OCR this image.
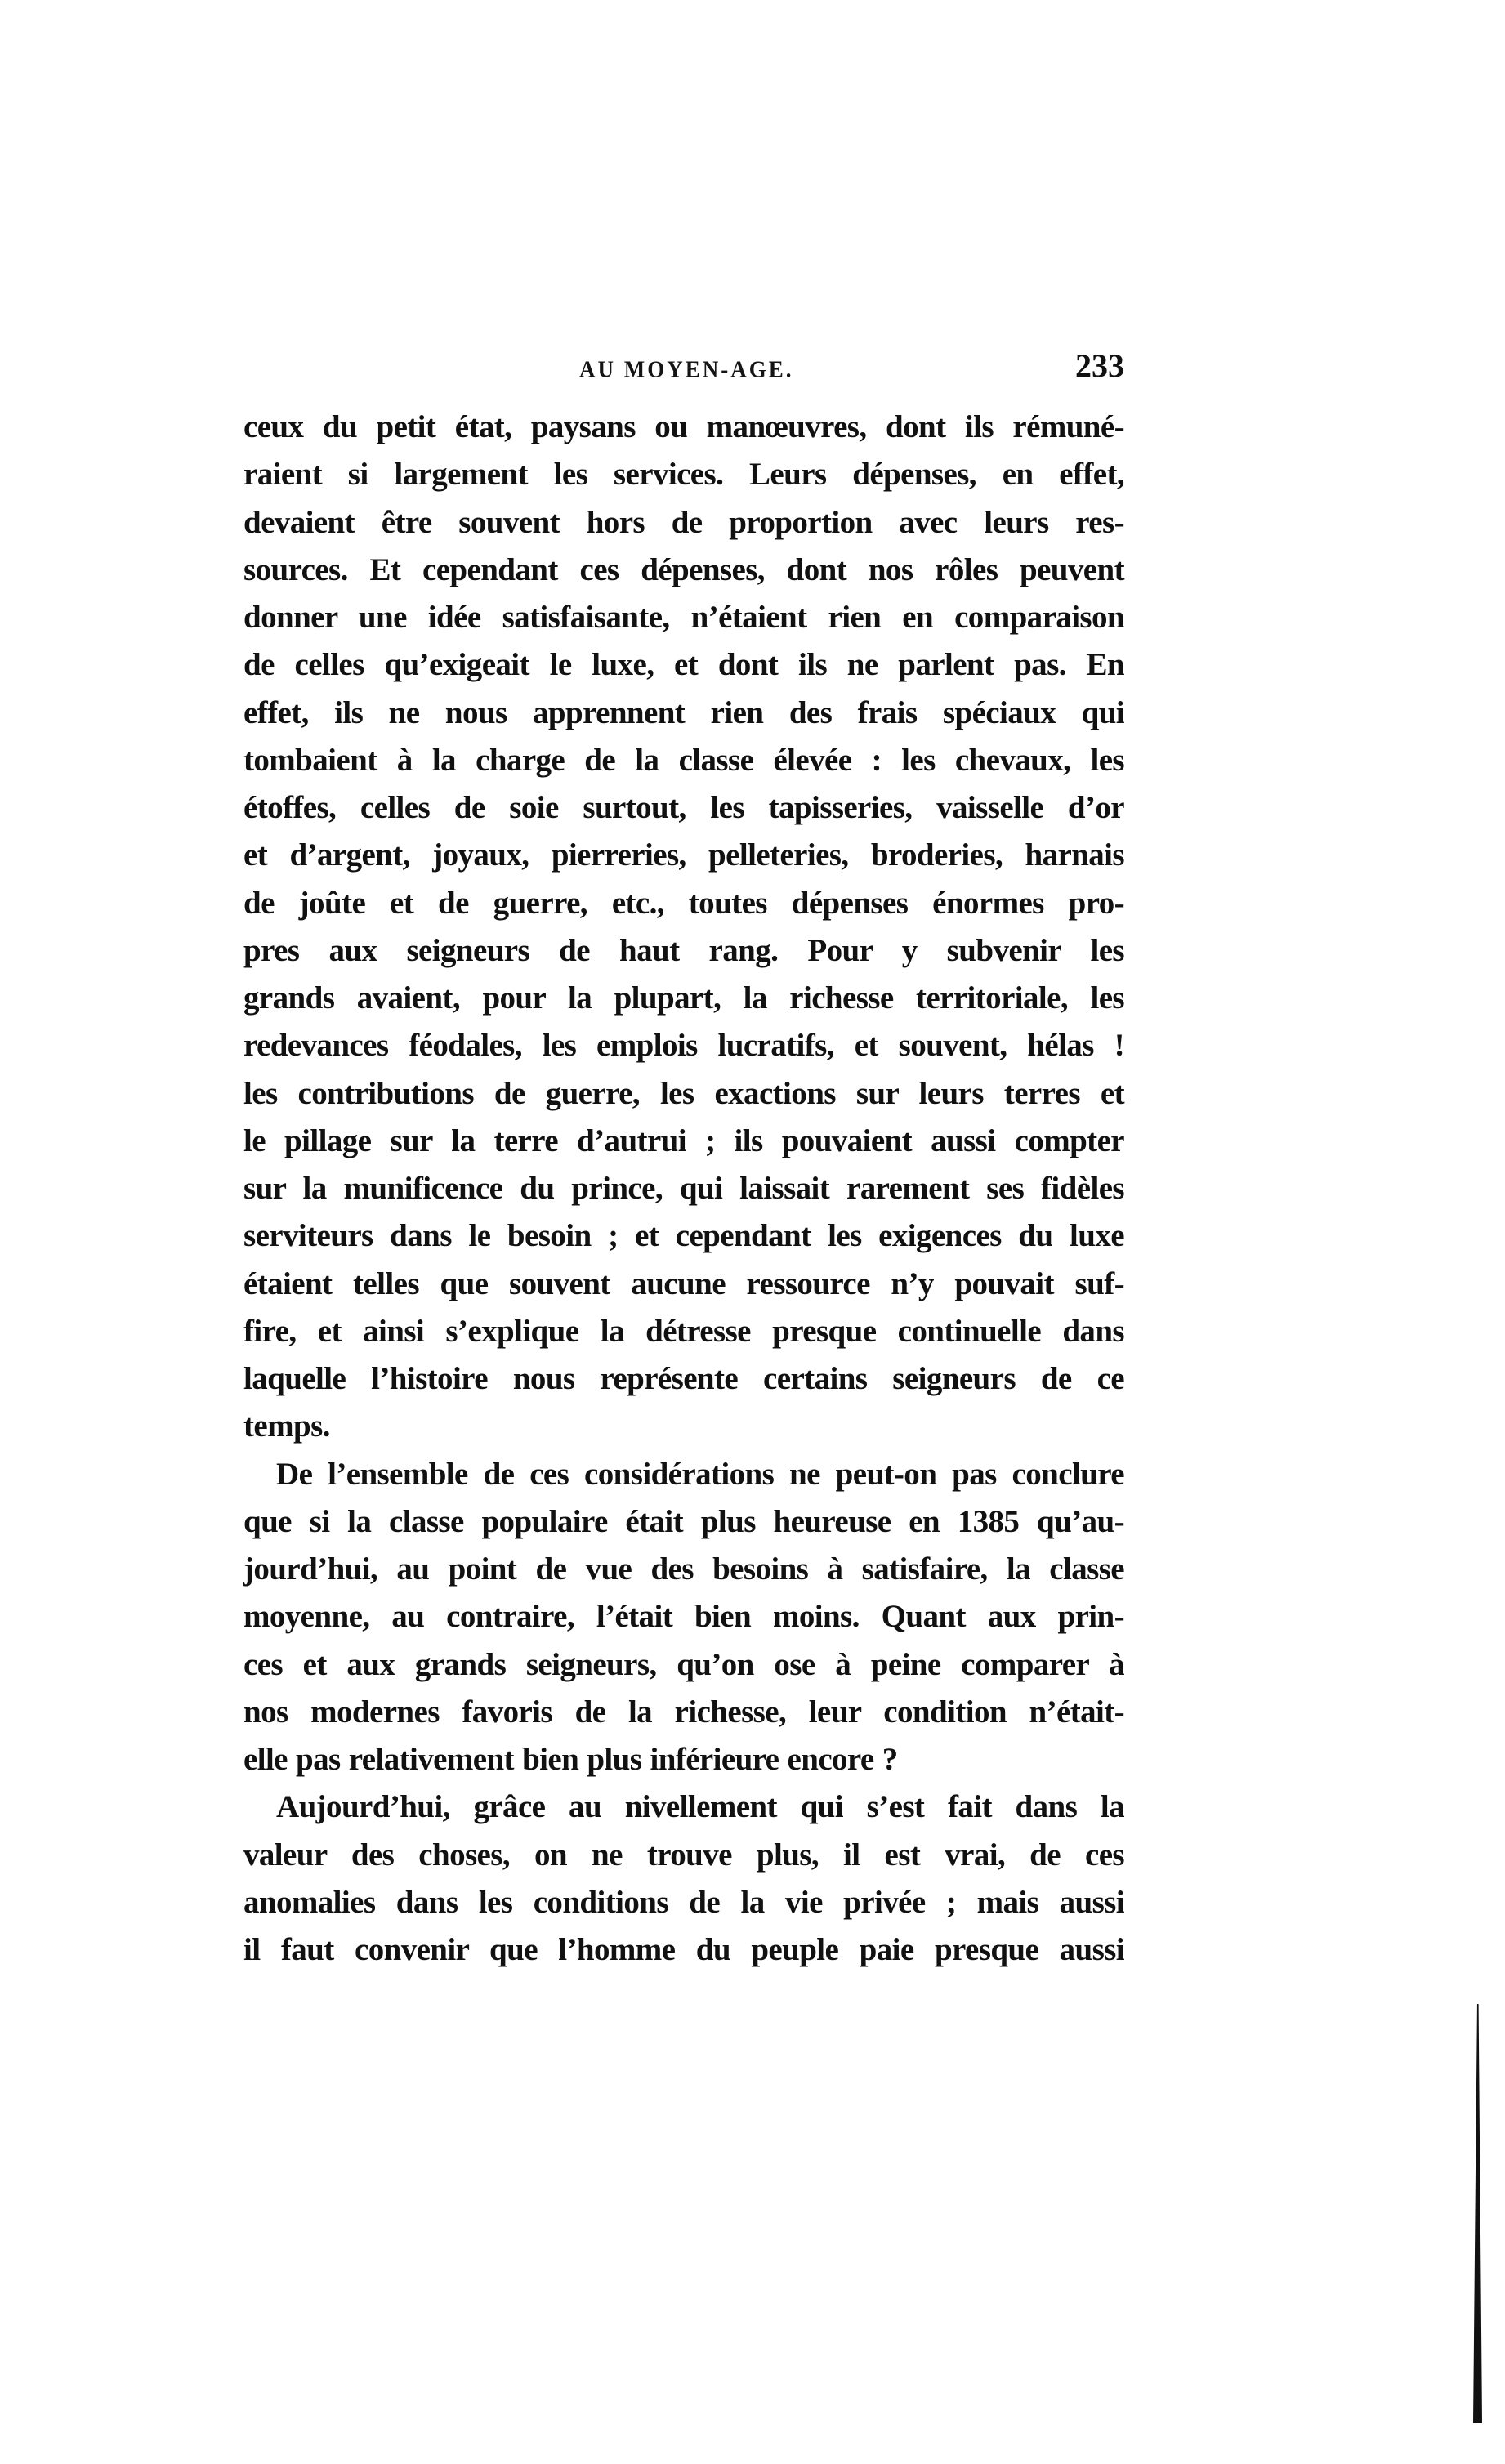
AU MOYEN-AGE.	233
ceux du petit état, paysans ou manœuvres, dont ils rémuné-
raient si largement les services. Leurs dépenses, en effet,
devaient être souvent hors de proportion avec leurs res-
sources. Et cependant ces dépenses, dont nos rôles peuvent
donner une idée satisfaisante, n’étaient rien en comparaison
de celles qu’exigeait le luxe, et dont ils ne parlent pas. En
effet, ils ne nous apprennent rien des frais spéciaux qui
tombaient à la charge de la classe élevée : les chevaux, les
étoffes, celles de soie surtout, les tapisseries, vaisselle d’or
et d’argent, joyaux, pierreries, pelleteries, broderies, harnais
de joûte et de guerre, etc., toutes dépenses énormes pro-
pres aux seigneurs de haut rang. Pour y subvenir les
grands avaient, pour la plupart, la richesse territoriale, les
redevances féodales, les emplois lucratifs, et souvent, hélas !
les contributions de guerre, les exactions sur leurs terres et
le pillage sur la terre d’autrui ; ils pouvaient aussi compter
sur la munificence du prince, qui laissait rarement ses fidèles
serviteurs dans le besoin ; et cependant les exigences du luxe
étaient telles que souvent aucune ressource n’y pouvait suf-
fire, et ainsi s’explique la détresse presque continuelle dans
laquelle l’histoire nous représente certains seigneurs de ce
temps.
De l’ensemble de ces considérations ne peut-on pas conclure
que si la classe populaire était plus heureuse en 1385 qu’au-
jourd’hui, au point de vue des besoins à satisfaire, la classe
moyenne, au contraire, l’était bien moins. Quant aux prin-
ces et aux grands seigneurs, qu’on ose à peine comparer à
nos modernes favoris de la richesse, leur condition n’était-
elle pas relativement bien plus inférieure encore ?
Aujourd’hui, grâce au nivellement qui s’est fait dans la
valeur des choses, on ne trouve plus, il est vrai, de ces
anomalies dans les conditions de la vie privée ; mais aussi
il faut convenir que l’homme du peuple paie presque aussi
